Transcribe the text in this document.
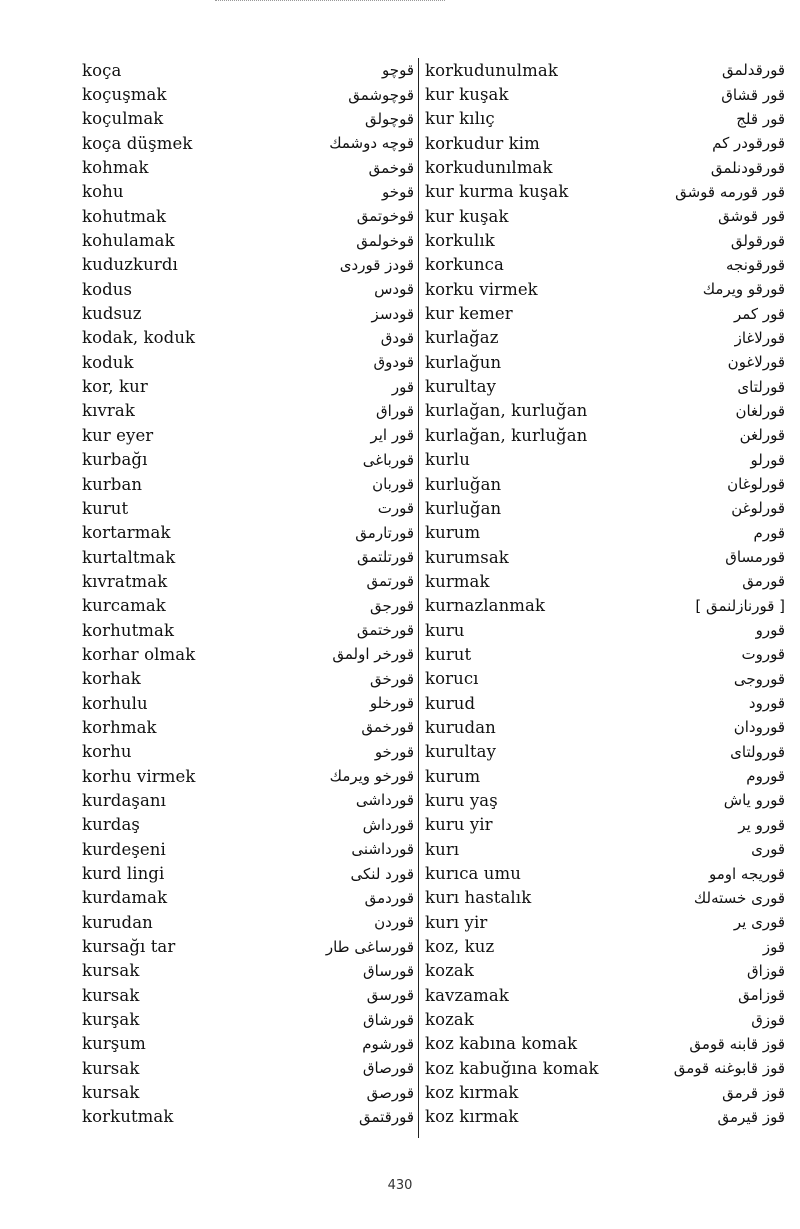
koça	قوچو
koçuşmak	قوچوشمق
koçulmak	قوچولق
koça düşmek	قوچه دوشمك
kohmak	قوخمق
kohu	قوخو
kohutmak	قوخوتمق
kohulamak	قوخولمق
kuduzkurdı	قودز قوردی
kodus	قودس
kudsuz	قودسز
kodak, koduk	قودق
koduk	قودوق
kor, kur	قور
kıvrak	قوراق
kur eyer	قور ایر
kurbağı	قورباغی
kurban	قوربان
kurut	قورت
kortarmak	قورتارمق
kurtaltmak	قورتلتمق
kıvratmak	قورتمق
kurcamak	قورجق
korhutmak	قورختمق
korhar olmak	قورخر اولمق
korhak	قورخق
korhulu	قورخلو
korhmak	قورخمق
korhu	قورخو
korhu virmek	قورخو ویرمك
kurdaşanı	قورداشی
kurdaş	قورداش
kurdeşeni	قورداشنی
kurd lingi	قورد لنکی
kurdamak	قوردمق
kurudan	قوردن
kursağı tar	قورساغی طار
kursak	قورساق
kursak	قورسق
kurşak	قورشاق
kurşum	قورشوم
kursak	قورصاق
kursak	قورصق
korkutmak	قورقتمق
korkudunulmak	قورقدلمق
kur kuşak	قور قشاق
kur kılıç	قور قلج
korkudur kim	قورقودر کم
korkudunılmak	قورقودنلمق
kur kurma kuşak	قور قورمه قوشق
kur kuşak	قور قوشق
korkulık	قورقولق
korkunca	قورقونجه
korku virmek	قورقو ویرمك
kur kemer	قور کمر
kurlağaz	قورلاغاز
kurlağun	قورلاغون
kurultay	قورلتای
kurlağan, kurluğan	قورلغان
kurlağan, kurluğan	قورلغن
kurlu	قورلو
kurluğan	قورلوغان
kurluğan	قورلوغن
kurum	قورم
kurumsak	قورمساق
kurmak	قورمق
kurnazlanmak	[ قورنازلنمق ]
kuru	قورو
kurut	قوروت
korucı	قوروجی
kurud	قورود
kurudan	قورودان
kurultay	قورولتای
kurum	قوروم
kuru yaş	قورو یاش
kuru yir	قورو یر
kurı	قوری
kurıca umu	قوریجه اومو
kurı hastalık	قوری خسته‌لك
kurı yir	قوری یر
koz, kuz	قوز
kozak	قوزاق
kavzamak	قوزامق
kozak	قوزق
koz kabına komak	قوز قابنه قومق
koz kabuğına komak	قوز قابوغنه قومق
koz kırmak	قوز قرمق
koz kırmak	قوز قیرمق
430
